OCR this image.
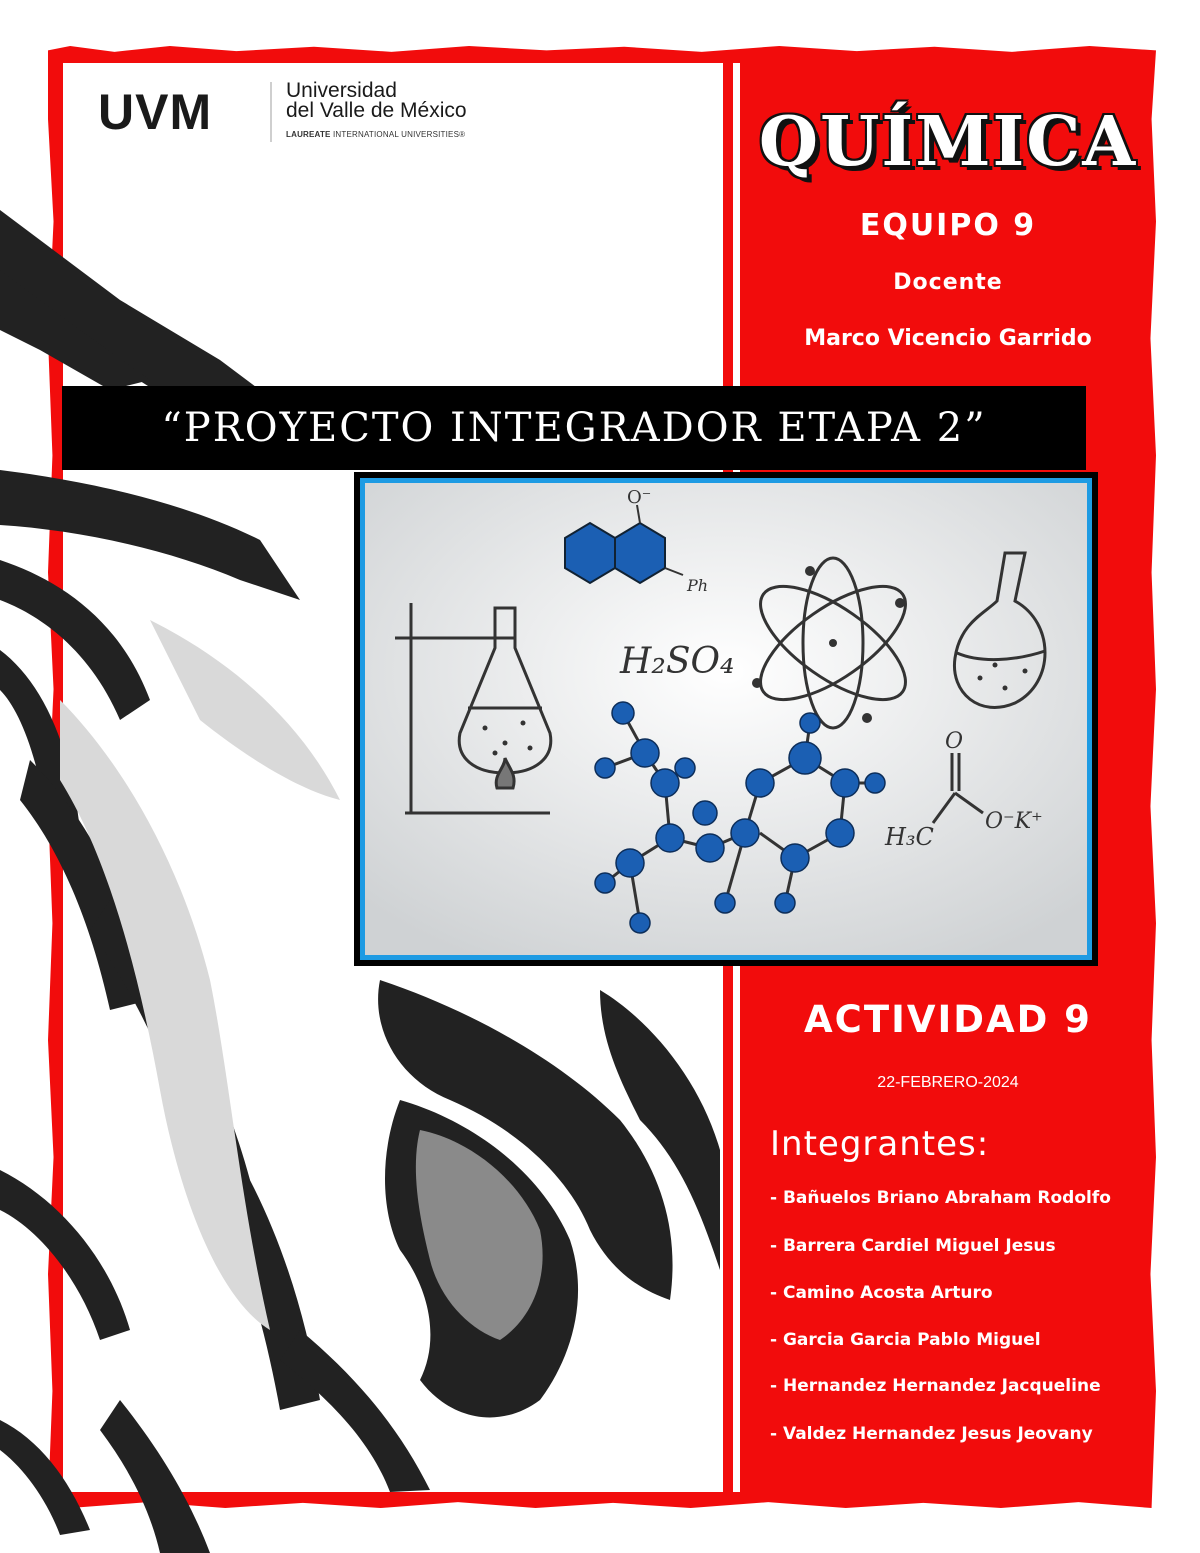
UVM	Universidad
del Valle de México
LAUREATE INTERNATIONAL UNIVERSITIES®	QUÍMICA
EQUIPO 9
Docente
Marco Vicencio Garrido
“PROYECTO INTEGRADOR ETAPA 2”
O⁻
Ph
H₂SO₄
O
H₃C
O⁻K⁺
ACTIVIDAD 9
22-FEBRERO-2024
Integrantes:
- Bañuelos Briano Abraham Rodolfo
- Barrera Cardiel Miguel Jesus
- Camino Acosta Arturo
- Garcia Garcia Pablo Miguel
- Hernandez Hernandez Jacqueline
- Valdez Hernandez Jesus Jeovany
